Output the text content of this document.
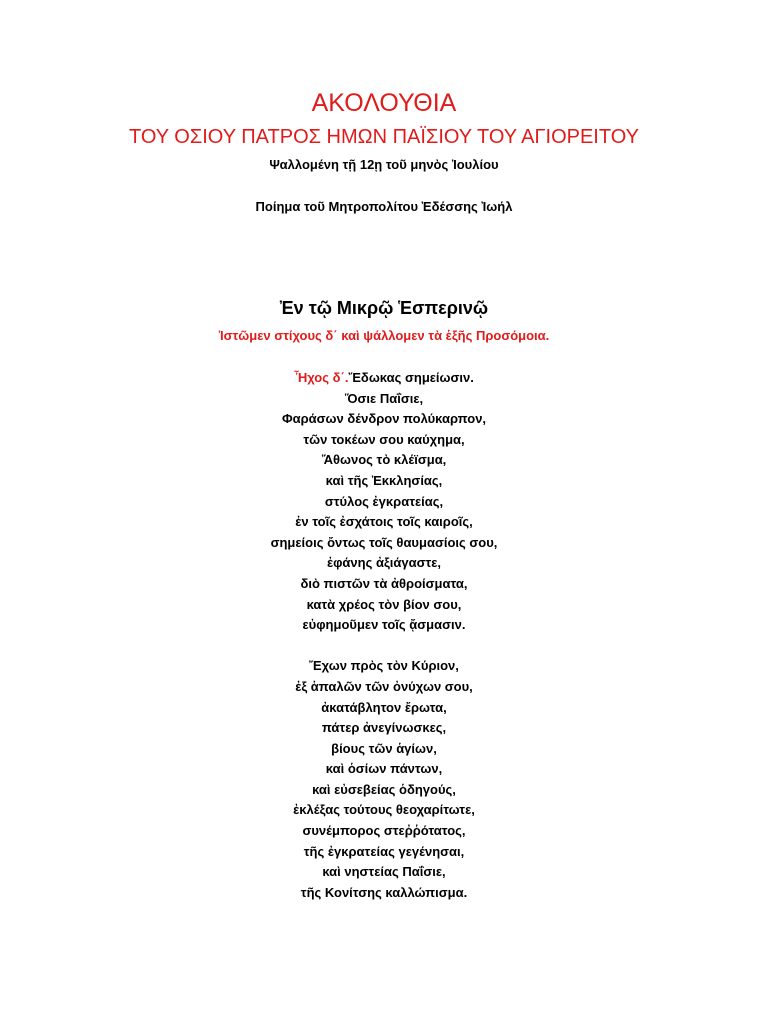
ΑΚΟΛΟΥΘΙΑ
ΤΟΥ ΟΣΙΟΥ ΠΑΤΡΟΣ ΗΜΩΝ ΠΑΪΣΙΟΥ ΤΟΥ ΑΓΙΟΡΕΙΤΟΥ
Ψαλλομένη τῇ 12ῃ τοῦ μηνὸς Ἰουλίου
Ποίημα τοῦ Μητροπολίτου Ἐδέσσης Ἰωήλ
Ἐν τῷ Μικρῷ Ἑσπερινῷ
Ἱστῶμεν στίχους δ΄ καὶ ψάλλομεν τὰ ἑξῆς Προσόμοια.
Ἦχος δ΄.Ἔδωκας σημείωσιν.
Ὅσιε Παΐσιε,
Φαράσων δένδρον πολύκαρπον,
τῶν τοκέων σου καύχημα,
Ἄθωνος τὸ κλέϊσμα,
καὶ τῆς Ἐκκλησίας,
στύλος ἐγκρατείας,
ἐν τοῖς ἐσχάτοις τοῖς καιροῖς,
σημείοις ὄντως τοῖς θαυμασίοις σου,
ἐφάνης ἀξιάγαστε,
διὸ πιστῶν τὰ ἀθροίσματα,
κατὰ χρέος τὸν βίον σου,
εὐφημοῦμεν τοῖς ᾄσμασιν.
Ἔχων πρὸς τὸν Κύριον,
ἐξ ἁπαλῶν τῶν ὀνύχων σου,
ἀκατάβλητον ἔρωτα,
πάτερ ἀνεγίνωσκες,
βίους τῶν ἁγίων,
καὶ ὁσίων πάντων,
καὶ εὐσεβείας ὁδηγούς,
ἐκλέξας τούτους θεοχαρίτωτε,
συνέμπορος στεῤῥότατος,
τῆς ἐγκρατείας γεγένησαι,
καὶ νηστείας Παΐσιε,
τῆς Κονίτσης καλλώπισμα.
